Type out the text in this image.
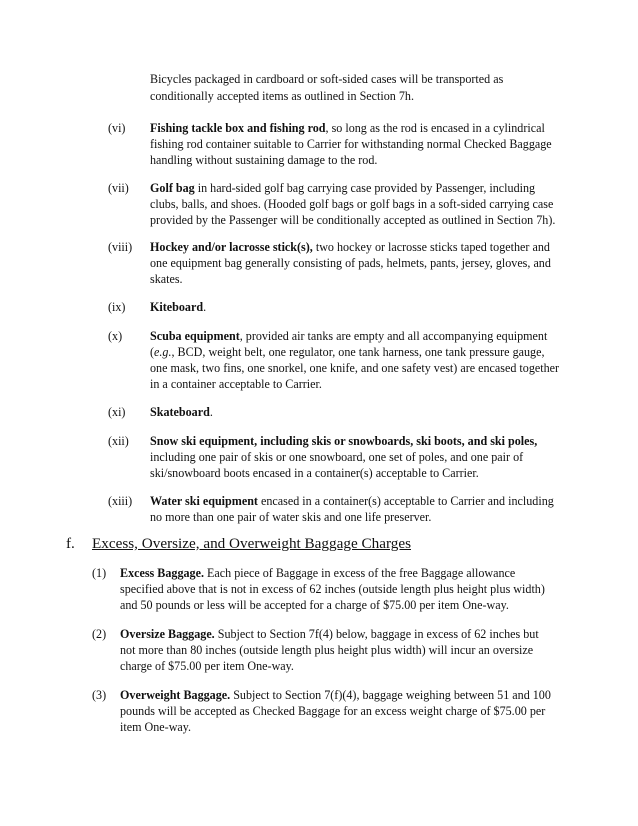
Bicycles packaged in cardboard or soft-sided cases will be transported as
conditionally accepted items as outlined in Section 7h.
(vi) Fishing tackle box and fishing rod, so long as the rod is encased in a cylindrical
fishing rod container suitable to Carrier for withstanding normal Checked Baggage
handling without sustaining damage to the rod.
(vii) Golf bag in hard-sided golf bag carrying case provided by Passenger, including
clubs, balls, and shoes. (Hooded golf bags or golf bags in a soft-sided carrying case
provided by the Passenger will be conditionally accepted as outlined in Section 7h).
(viii) Hockey and/or lacrosse stick(s), two hockey or lacrosse sticks taped together and
one equipment bag generally consisting of pads, helmets, pants, jersey, gloves, and
skates.
(ix) Kiteboard.
(x) Scuba equipment, provided air tanks are empty and all accompanying equipment
(e.g., BCD, weight belt, one regulator, one tank harness, one tank pressure gauge,
one mask, two fins, one snorkel, one knife, and one safety vest) are encased together
in a container acceptable to Carrier.
(xi) Skateboard.
(xii) Snow ski equipment, including skis or snowboards, ski boots, and ski poles,
including one pair of skis or one snowboard, one set of poles, and one pair of
ski/snowboard boots encased in a container(s) acceptable to Carrier.
(xiii) Water ski equipment encased in a container(s) acceptable to Carrier and including
no more than one pair of water skis and one life preserver.
f. Excess, Oversize, and Overweight Baggage Charges
(1) Excess Baggage. Each piece of Baggage in excess of the free Baggage allowance
specified above that is not in excess of 62 inches (outside length plus height plus width)
and 50 pounds or less will be accepted for a charge of $75.00 per item One-way.
(2) Oversize Baggage. Subject to Section 7f(4) below, baggage in excess of 62 inches but
not more than 80 inches (outside length plus height plus width) will incur an oversize
charge of $75.00 per item One-way.
(3) Overweight Baggage. Subject to Section 7(f)(4), baggage weighing between 51 and 100
pounds will be accepted as Checked Baggage for an excess weight charge of $75.00 per
item One-way.
